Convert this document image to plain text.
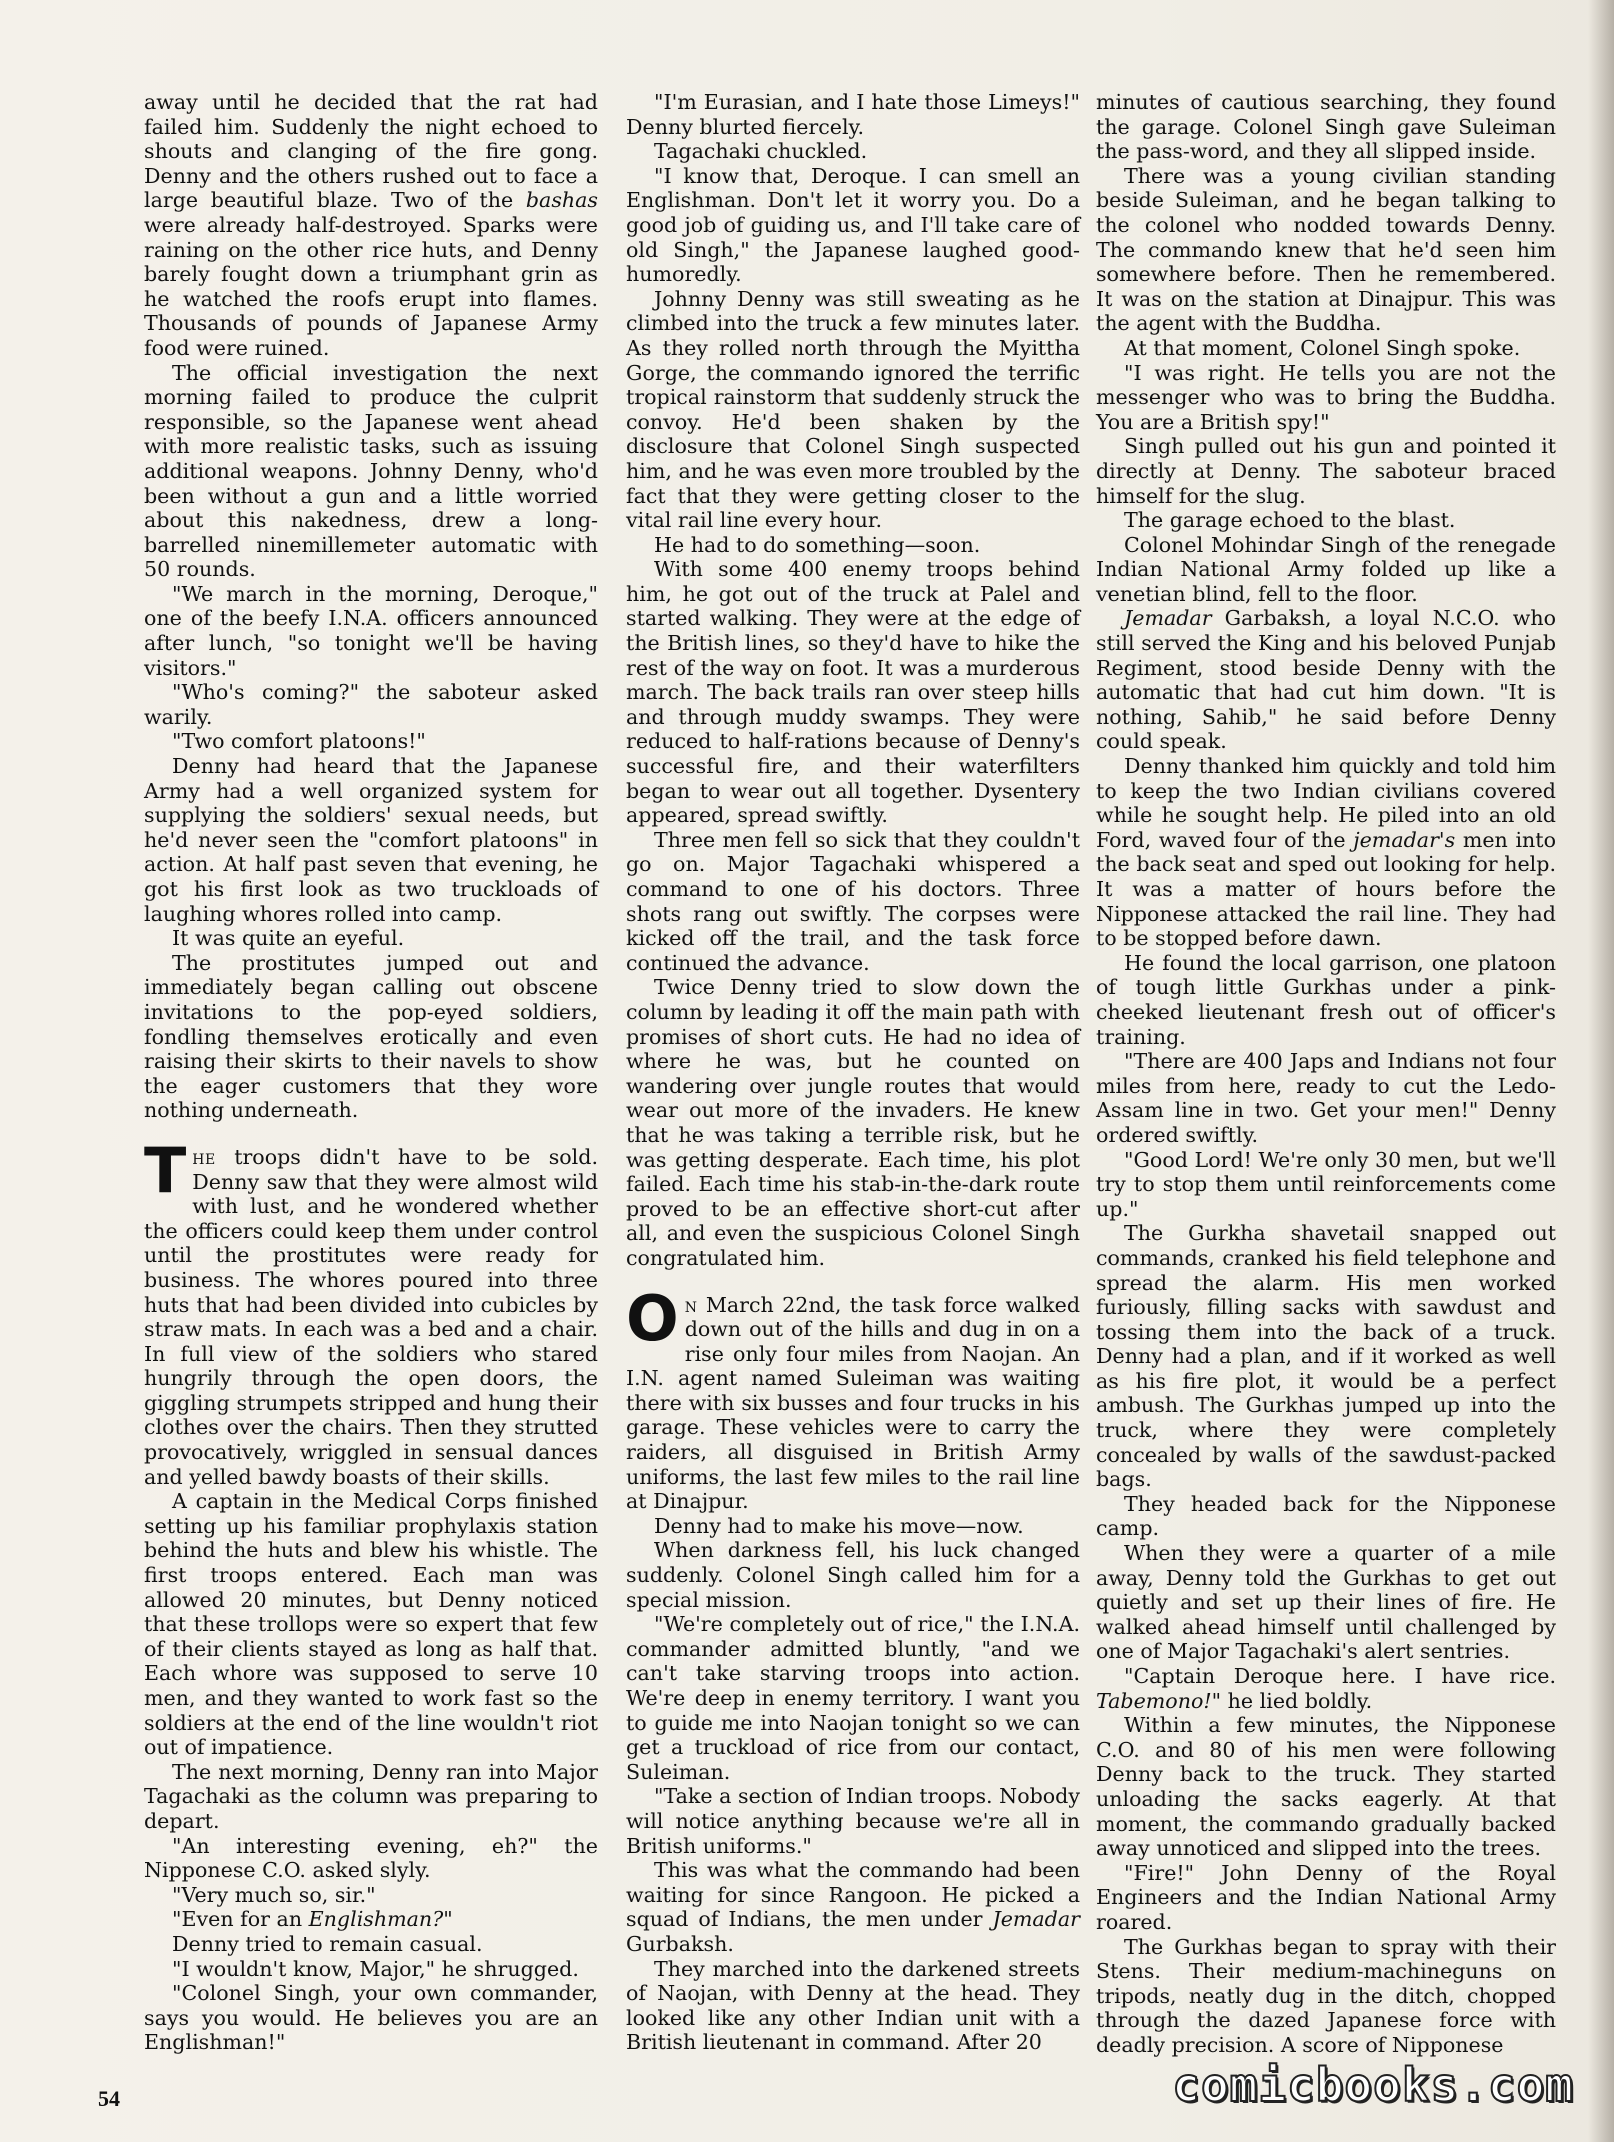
away until he decided that the rat had failed him. Suddenly the night echoed to shouts and clanging of the fire gong. Denny and the others rushed out to face a large beautiful blaze. Two of the bashas were already half-destroyed. Sparks were raining on the other rice huts, and Denny barely fought down a triumphant grin as he watched the roofs erupt into flames. Thousands of pounds of Japanese Army food were ruined.

The official investigation the next morning failed to produce the culprit responsible, so the Japanese went ahead with more realistic tasks, such as issuing additional weapons. Johnny Denny, who'd been without a gun and a little worried about this nakedness, drew a long-barrelled ninemillemeter automatic with 50 rounds.

"We march in the morning, Deroque," one of the beefy I.N.A. officers announced after lunch, "so tonight we'll be having visitors."

"Who's coming?" the saboteur asked warily.

"Two comfort platoons!"

Denny had heard that the Japanese Army had a well organized system for supplying the soldiers' sexual needs, but he'd never seen the "comfort platoons" in action. At half past seven that evening, he got his first look as two truckloads of laughing whores rolled into camp.

It was quite an eyeful.

The prostitutes jumped out and immediately began calling out obscene invitations to the pop-eyed soldiers, fondling themselves erotically and even raising their skirts to their navels to show the eager customers that they wore nothing underneath.

The troops didn't have to be sold. Denny saw that they were almost wild with lust, and he wondered whether the officers could keep them under control until the prostitutes were ready for business. The whores poured into three huts that had been divided into cubicles by straw mats. In each was a bed and a chair. In full view of the soldiers who stared hungrily through the open doors, the giggling strumpets stripped and hung their clothes over the chairs. Then they strutted provocatively, wriggled in sensual dances and yelled bawdy boasts of their skills.

A captain in the Medical Corps finished setting up his familiar prophylaxis station behind the huts and blew his whistle. The first troops entered. Each man was allowed 20 minutes, but Denny noticed that these trollops were so expert that few of their clients stayed as long as half that. Each whore was supposed to serve 10 men, and they wanted to work fast so the soldiers at the end of the line wouldn't riot out of impatience.

The next morning, Denny ran into Major Tagachaki as the column was preparing to depart.

"An interesting evening, eh?" the Nipponese C.O. asked slyly.

"Very much so, sir."

"Even for an Englishman?"

Denny tried to remain casual.

"I wouldn't know, Major," he shrugged.

"Colonel Singh, your own commander, says you would. He believes you are an Englishman!"

"I'm Eurasian, and I hate those Limeys!" Denny blurted fiercely.

Tagachaki chuckled.

"I know that, Deroque. I can smell an Englishman. Don't let it worry you. Do a good job of guiding us, and I'll take care of old Singh," the Japanese laughed good-humoredly.

Johnny Denny was still sweating as he climbed into the truck a few minutes later. As they rolled north through the Myittha Gorge, the commando ignored the terrific tropical rainstorm that suddenly struck the convoy. He'd been shaken by the disclosure that Colonel Singh suspected him, and he was even more troubled by the fact that they were getting closer to the vital rail line every hour.

He had to do something—soon.

With some 400 enemy troops behind him, he got out of the truck at Palel and started walking. They were at the edge of the British lines, so they'd have to hike the rest of the way on foot. It was a murderous march. The back trails ran over steep hills and through muddy swamps. They were reduced to half-rations because of Denny's successful fire, and their waterfilters began to wear out all together. Dysentery appeared, spread swiftly.

Three men fell so sick that they couldn't go on. Major Tagachaki whispered a command to one of his doctors. Three shots rang out swiftly. The corpses were kicked off the trail, and the task force continued the advance.

Twice Denny tried to slow down the column by leading it off the main path with promises of short cuts. He had no idea of where he was, but he counted on wandering over jungle routes that would wear out more of the invaders. He knew that he was taking a terrible risk, but he was getting desperate. Each time, his plot failed. Each time his stab-in-the-dark route proved to be an effective short-cut after all, and even the suspicious Colonel Singh congratulated him.

On March 22nd, the task force walked down out of the hills and dug in on a rise only four miles from Naojan. An I.N. agent named Suleiman was waiting there with six busses and four trucks in his garage. These vehicles were to carry the raiders, all disguised in British Army uniforms, the last few miles to the rail line at Dinajpur.

Denny had to make his move—now.

When darkness fell, his luck changed suddenly. Colonel Singh called him for a special mission.

"We're completely out of rice," the I.N.A. commander admitted bluntly, "and we can't take starving troops into action. We're deep in enemy territory. I want you to guide me into Naojan tonight so we can get a truckload of rice from our contact, Suleiman.

"Take a section of Indian troops. Nobody will notice anything because we're all in British uniforms."

This was what the commando had been waiting for since Rangoon. He picked a squad of Indians, the men under Jemadar Gurbaksh.

They marched into the darkened streets of Naojan, with Denny at the head. They looked like any other Indian unit with a British lieutenant in command. After 20

minutes of cautious searching, they found the garage. Colonel Singh gave Suleiman the pass-word, and they all slipped inside.

There was a young civilian standing beside Suleiman, and he began talking to the colonel who nodded towards Denny. The commando knew that he'd seen him somewhere before. Then he remembered. It was on the station at Dinajpur. This was the agent with the Buddha.

At that moment, Colonel Singh spoke.

"I was right. He tells you are not the messenger who was to bring the Buddha. You are a British spy!"

Singh pulled out his gun and pointed it directly at Denny. The saboteur braced himself for the slug.

The garage echoed to the blast.

Colonel Mohindar Singh of the renegade Indian National Army folded up like a venetian blind, fell to the floor.

Jemadar Garbaksh, a loyal N.C.O. who still served the King and his beloved Punjab Regiment, stood beside Denny with the automatic that had cut him down. "It is nothing, Sahib," he said before Denny could speak.

Denny thanked him quickly and told him to keep the two Indian civilians covered while he sought help. He piled into an old Ford, waved four of the jemadar's men into the back seat and sped out looking for help. It was a matter of hours before the Nipponese attacked the rail line. They had to be stopped before dawn.

He found the local garrison, one platoon of tough little Gurkhas under a pink-cheeked lieutenant fresh out of officer's training.

"There are 400 Japs and Indians not four miles from here, ready to cut the Ledo-Assam line in two. Get your men!" Denny ordered swiftly.

"Good Lord! We're only 30 men, but we'll try to stop them until reinforcements come up."

The Gurkha shavetail snapped out commands, cranked his field telephone and spread the alarm. His men worked furiously, filling sacks with sawdust and tossing them into the back of a truck. Denny had a plan, and if it worked as well as his fire plot, it would be a perfect ambush. The Gurkhas jumped up into the truck, where they were completely concealed by walls of the sawdust-packed bags.

They headed back for the Nipponese camp.

When they were a quarter of a mile away, Denny told the Gurkhas to get out quietly and set up their lines of fire. He walked ahead himself until challenged by one of Major Tagachaki's alert sentries.

"Captain Deroque here. I have rice. Tabemono!" he lied boldly.

Within a few minutes, the Nipponese C.O. and 80 of his men were following Denny back to the truck. They started unloading the sacks eagerly. At that moment, the commando gradually backed away unnoticed and slipped into the trees.

"Fire!" John Denny of the Royal Engineers and the Indian National Army roared.

The Gurkhas began to spray with their Stens. Their medium-machineguns on tripods, neatly dug in the ditch, chopped through the dazed Japanese force with deadly precision. A score of Nipponese

54	comicbooks.com
